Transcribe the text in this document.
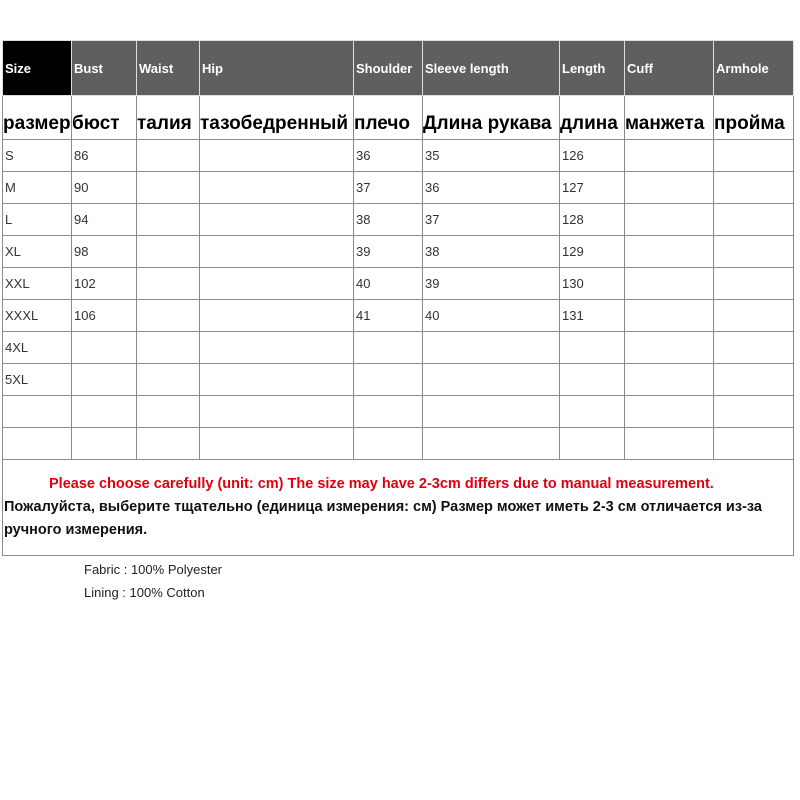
Size	Bust	Waist	Hip	Shoulder	Sleeve length	Length	Cuff	Armhole
размер	бюст	талия	тазобедренный	плечо	Длина рукава	длина	манжета	пройма
S	86			36	35	126		
M	90			37	36	127		
L	94			38	37	128		
XL	98			39	38	129		
XXL	102			40	39	130		
XXXL	106			41	40	131		
4XL								
5XL								

Please choose carefully (unit: cm) The size may have 2-3cm differs due to manual measurement.
Пожалуйста, выберите тщательно (единица измерения: см) Размер может иметь 2-3 см отличается из-за ручного измерения.								
Fabric : 100% Polyester
Lining : 100% Cotton
